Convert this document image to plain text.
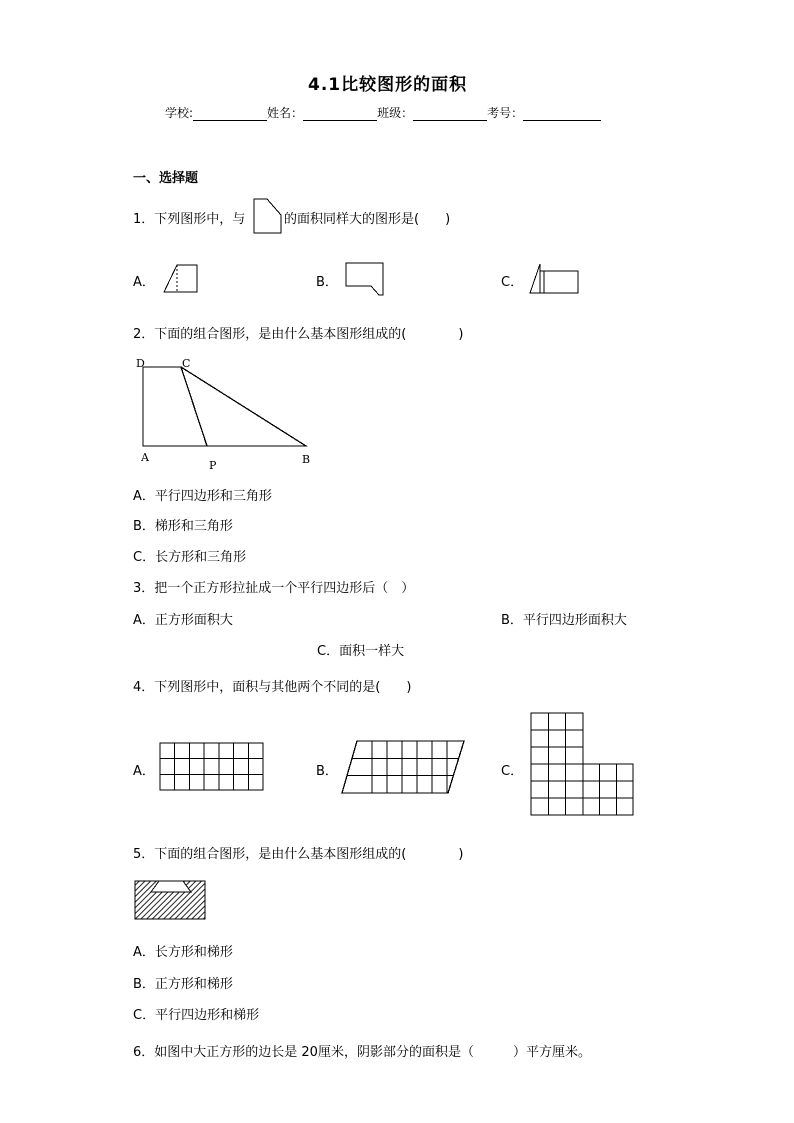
4.1比较图形的面积
学校:	姓名：	班级：	考号：
一、选择题
1．下列图形中，与	的面积同样大的图形是(　　)
A．	B．	C．
2．下面的组合图形，是由什么基本图形组成的(　　　　)
D	C
A
P	B
A．平行四边形和三角形
B．梯形和三角形
C．长方形和三角形
3．把一个正方形拉扯成一个平行四边形后（　）
A．正方形面积大	B．平行四边形面积大
C．面积一样大
4．下列图形中，面积与其他两个不同的是(　　)
A．	B．	C．
5．下面的组合图形，是由什么基本图形组成的(　　　　)
A．长方形和梯形
B．正方形和梯形
C．平行四边形和梯形
6．如图中大正方形的边长是 20厘米，阴影部分的面积是（　　　）平方厘米。
